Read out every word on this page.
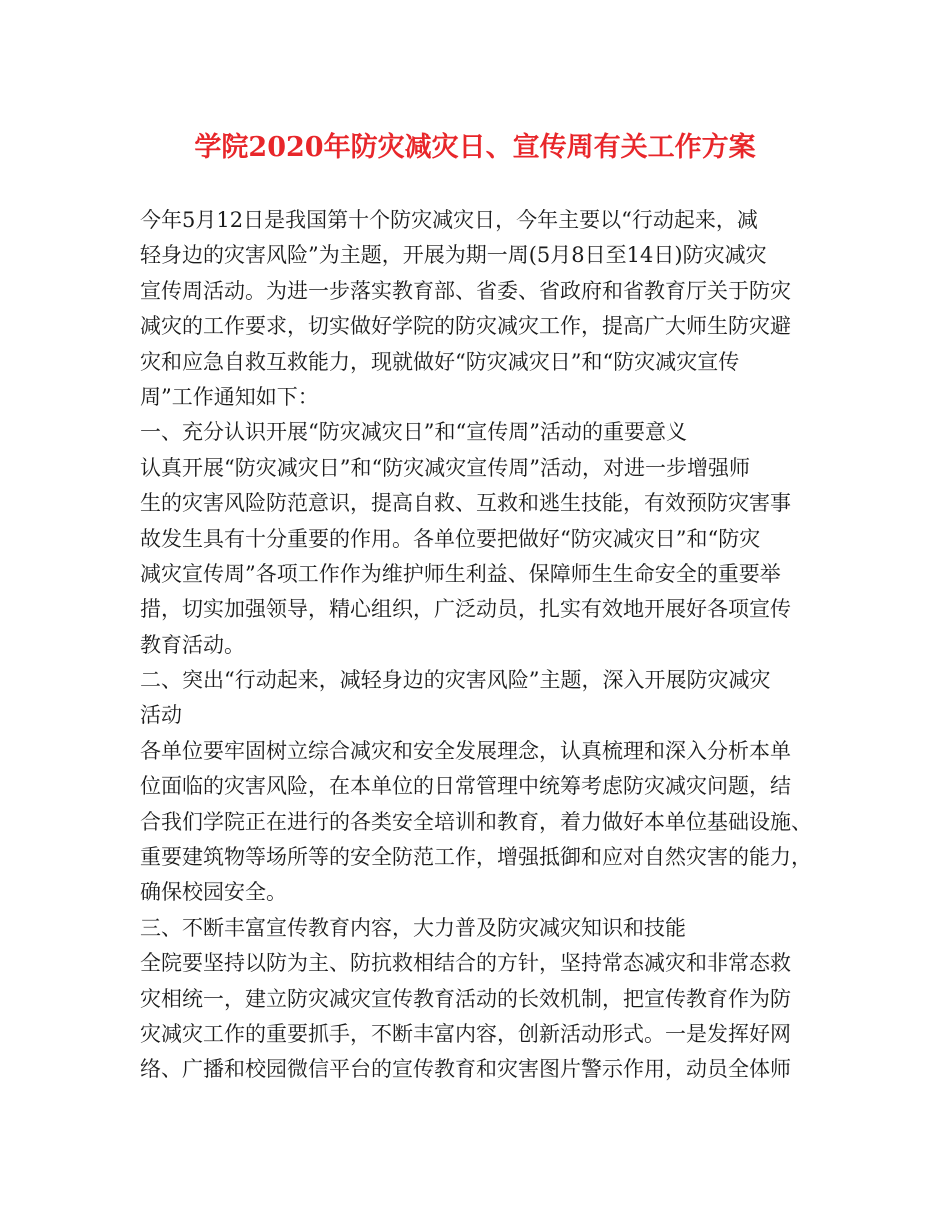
学院2020年防灾减灾日、宣传周有关工作方案
今年5月12日是我国第十个防灾减灾日，今年主要以“行动起来，减
轻身边的灾害风险”为主题，开展为期一周(5月8日至14日)防灾减灾
宣传周活动。为进一步落实教育部、省委、省政府和省教育厅关于防灾
减灾的工作要求，切实做好学院的防灾减灾工作，提高广大师生防灾避
灾和应急自救互救能力，现就做好“防灾减灾日”和“防灾减灾宣传
周”工作通知如下：
一、充分认识开展“防灾减灾日”和“宣传周”活动的重要意义
认真开展“防灾减灾日”和“防灾减灾宣传周”活动，对进一步增强师
生的灾害风险防范意识，提高自救、互救和逃生技能，有效预防灾害事
故发生具有十分重要的作用。各单位要把做好“防灾减灾日”和“防灾
减灾宣传周”各项工作作为维护师生利益、保障师生生命安全的重要举
措，切实加强领导，精心组织，广泛动员，扎实有效地开展好各项宣传
教育活动。
二、突出“行动起来，减轻身边的灾害风险”主题，深入开展防灾减灾
活动
各单位要牢固树立综合减灾和安全发展理念，认真梳理和深入分析本单
位面临的灾害风险，在本单位的日常管理中统筹考虑防灾减灾问题，结
合我们学院正在进行的各类安全培训和教育，着力做好本单位基础设施、
重要建筑物等场所等的安全防范工作，增强抵御和应对自然灾害的能力，
确保校园安全。
三、不断丰富宣传教育内容，大力普及防灾减灾知识和技能
全院要坚持以防为主、防抗救相结合的方针，坚持常态减灾和非常态救
灾相统一，建立防灾减灾宣传教育活动的长效机制，把宣传教育作为防
灾减灾工作的重要抓手，不断丰富内容，创新活动形式。一是发挥好网
络、广播和校园微信平台的宣传教育和灾害图片警示作用，动员全体师
